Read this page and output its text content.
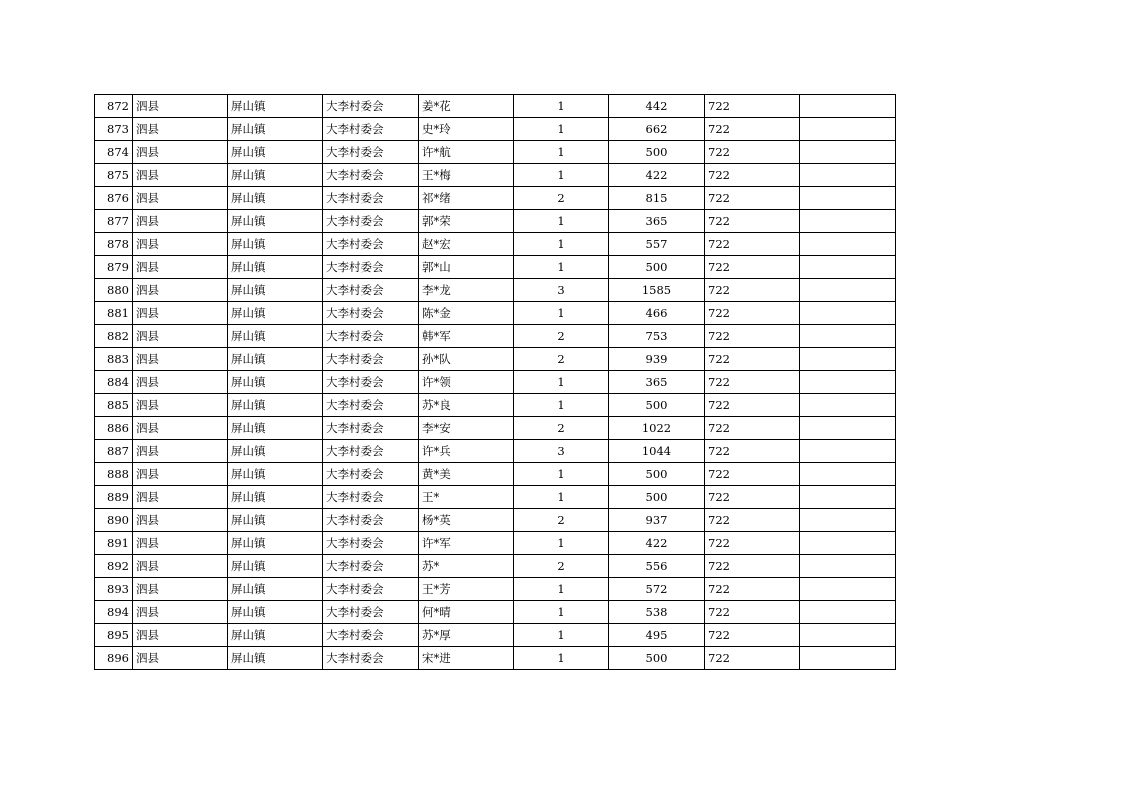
872	泗县	屏山镇	大李村委会	姜*花	1	442	722	
873	泗县	屏山镇	大李村委会	史*玲	1	662	722	
874	泗县	屏山镇	大李村委会	许*航	1	500	722	
875	泗县	屏山镇	大李村委会	王*梅	1	422	722	
876	泗县	屏山镇	大李村委会	祁*绪	2	815	722	
877	泗县	屏山镇	大李村委会	郭*荣	1	365	722	
878	泗县	屏山镇	大李村委会	赵*宏	1	557	722	
879	泗县	屏山镇	大李村委会	郭*山	1	500	722	
880	泗县	屏山镇	大李村委会	李*龙	3	1585	722	
881	泗县	屏山镇	大李村委会	陈*金	1	466	722	
882	泗县	屏山镇	大李村委会	韩*军	2	753	722	
883	泗县	屏山镇	大李村委会	孙*队	2	939	722	
884	泗县	屏山镇	大李村委会	许*领	1	365	722	
885	泗县	屏山镇	大李村委会	苏*良	1	500	722	
886	泗县	屏山镇	大李村委会	李*安	2	1022	722	
887	泗县	屏山镇	大李村委会	许*兵	3	1044	722	
888	泗县	屏山镇	大李村委会	黄*美	1	500	722	
889	泗县	屏山镇	大李村委会	王*	1	500	722	
890	泗县	屏山镇	大李村委会	杨*英	2	937	722	
891	泗县	屏山镇	大李村委会	许*军	1	422	722	
892	泗县	屏山镇	大李村委会	苏*	2	556	722	
893	泗县	屏山镇	大李村委会	王*芳	1	572	722	
894	泗县	屏山镇	大李村委会	何*晴	1	538	722	
895	泗县	屏山镇	大李村委会	苏*厚	1	495	722	
896	泗县	屏山镇	大李村委会	宋*进	1	500	722	
